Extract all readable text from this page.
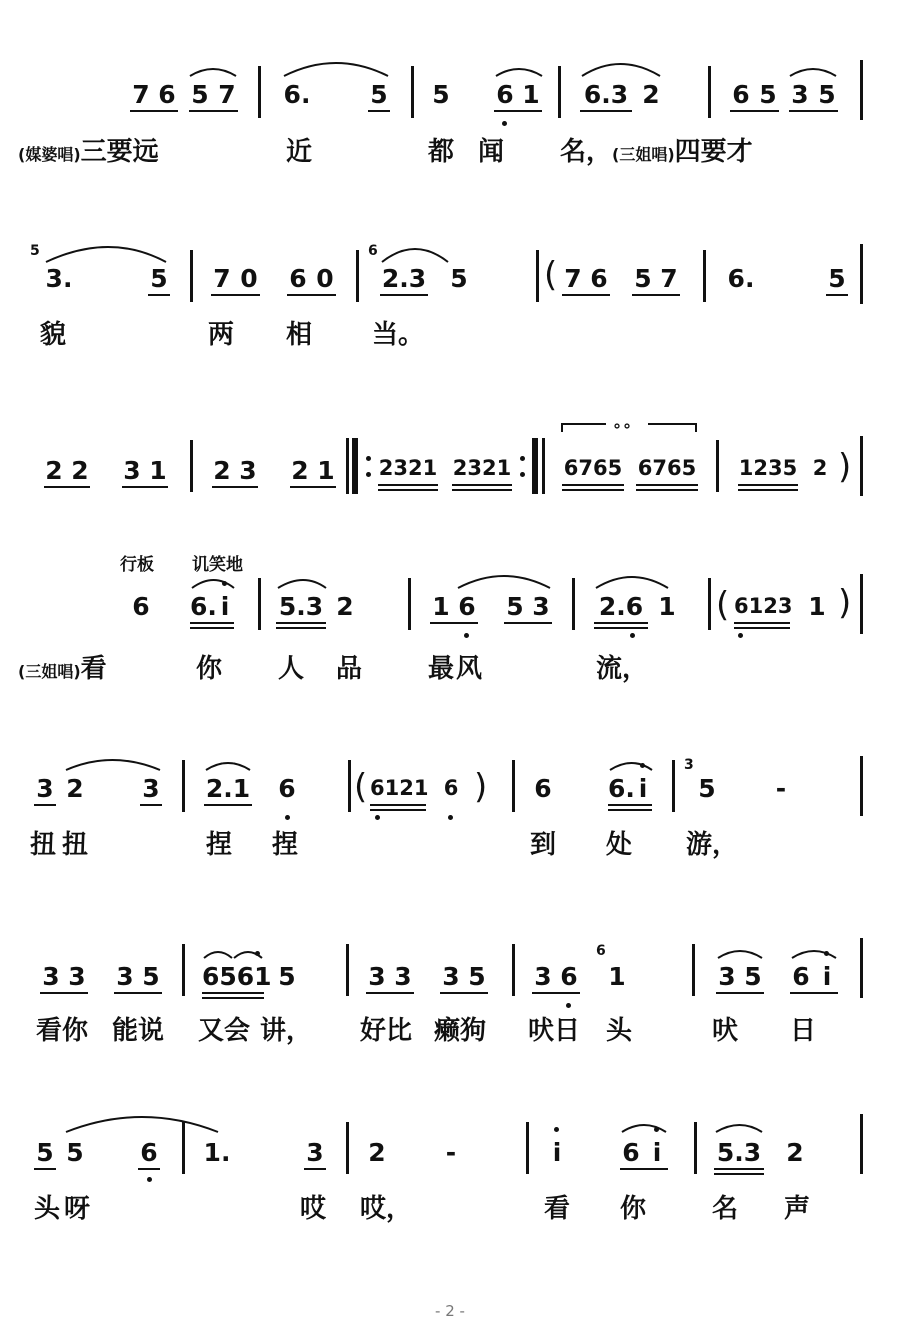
7 6 5 7 6. 5 5 6 1 6.3 2	6 5 3 5
(媒婆唱)三要远	近	都闻 名，(三姐唱)四要才
5
3.	5 7 0 6 0
6
2.3 5 ( 7 6 5 7 6.	5
貌	两 相 当。
2 2 3 1 2 3 2 1 2321 2321
∘∘
6765 6765 1235 2 )
行板 讥笑地
6 6. i 5.3 2	1 6 5 3 2.6 1 ( 6123 1 )
(三姐唱)看	你 人 品	最风	流，
3 2 3 2.1 6 ( 6121 6 ) 6 6. i
3
5 -
扭扭	捏 捏	到 处 游，
3 3 3 5 6561 5	3 3 3 5 3 6
6
1	3 5 6 i
看你 能说 又会 讲， 好比 癞狗 吠日 头	吠 日
5 5 6 1.	3 2 -	i 6 i 5.3 2
头呀	哎 哎，	看 你	名 声
- 2 -
